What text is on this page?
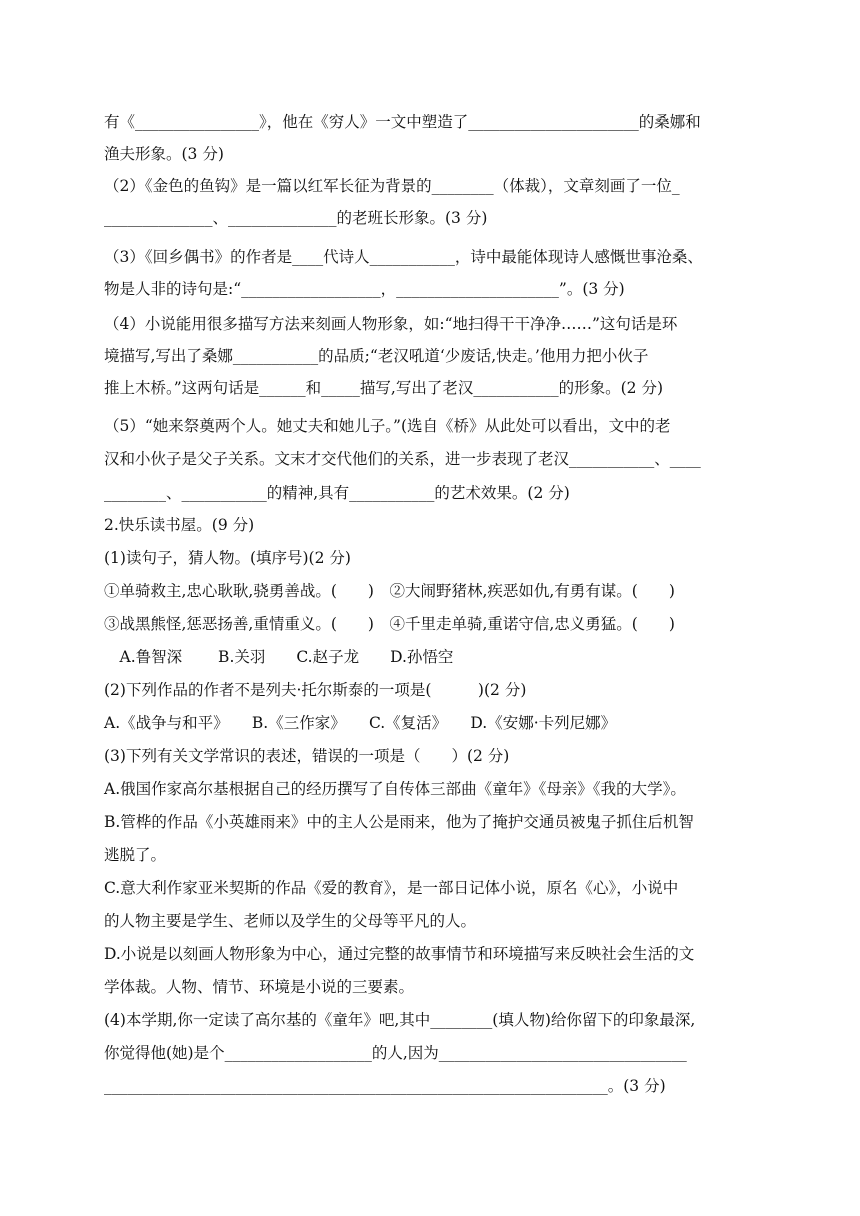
有《________________》，他在《穷人》一文中塑造了______________________的桑娜和
渔夫形象。(3 分)
（2）《金色的鱼钩》是一篇以红军长征为背景的________（体裁），文章刻画了一位_
______________、______________的老班长形象。(3 分)
（3）《回乡偶书》的作者是____代诗人___________，诗中最能体现诗人感慨世事沧桑、
物是人非的诗句是:“__________________，_____________________”。(3 分)
（4）小说能用很多描写方法来刻画人物形象，如:“地扫得干干净净……”这句话是环
境描写,写出了桑娜___________的品质;“老汉吼道‘少废话,快走。’他用力把小伙子
推上木桥。”这两句话是______和_____描写,写出了老汉___________的形象。(2 分)
（5）“她来祭奠两个人。她丈夫和她儿子。”(选自《桥》从此处可以看出，文中的老
汉和小伙子是父子关系。文末才交代他们的关系，进一步表现了老汉___________、____
________、___________的精神,具有___________的艺术效果。(2 分)
2.快乐读书屋。(9 分)
(1)读句子，猜人物。(填序号)(2 分)
①单骑救主,忠心耿耿,骁勇善战。(　　)　②大闹野猪林,疾恶如仇,有勇有谋。(　　)
③战黑熊怪,惩恶扬善,重情重义。(　　)　④千里走单骑,重诺守信,忠义勇猛。(　　)
　A.鲁智深　　 B.关羽　　C.赵子龙　　D.孙悟空
(2)下列作品的作者不是列夫·托尔斯泰的一项是(　　　)(2 分)
A.《战争与和平》　　B.《三作家》　　C.《复活》　　D.《安娜·卡列尼娜》
(3)下列有关文学常识的表述，错误的一项是（　　）(2 分)
A.俄国作家高尔基根据自己的经历撰写了自传体三部曲《童年》《母亲》《我的大学》。
B.管桦的作品《小英雄雨来》中的主人公是雨来，他为了掩护交通员被鬼子抓住后机智
逃脱了。
C.意大利作家亚米契斯的作品《爱的教育》，是一部日记体小说，原名《心》，小说中
的人物主要是学生、老师以及学生的父母等平凡的人。
D.小说是以刻画人物形象为中心，通过完整的故事情节和环境描写来反映社会生活的文
学体裁。人物、情节、环境是小说的三要素。
(4)本学期,你一定读了高尔基的《童年》吧,其中________(填人物)给你留下的印象最深,
你觉得他(她)是个___________________的人,因为________________________________
_________________________________________________________________。(3 分)
